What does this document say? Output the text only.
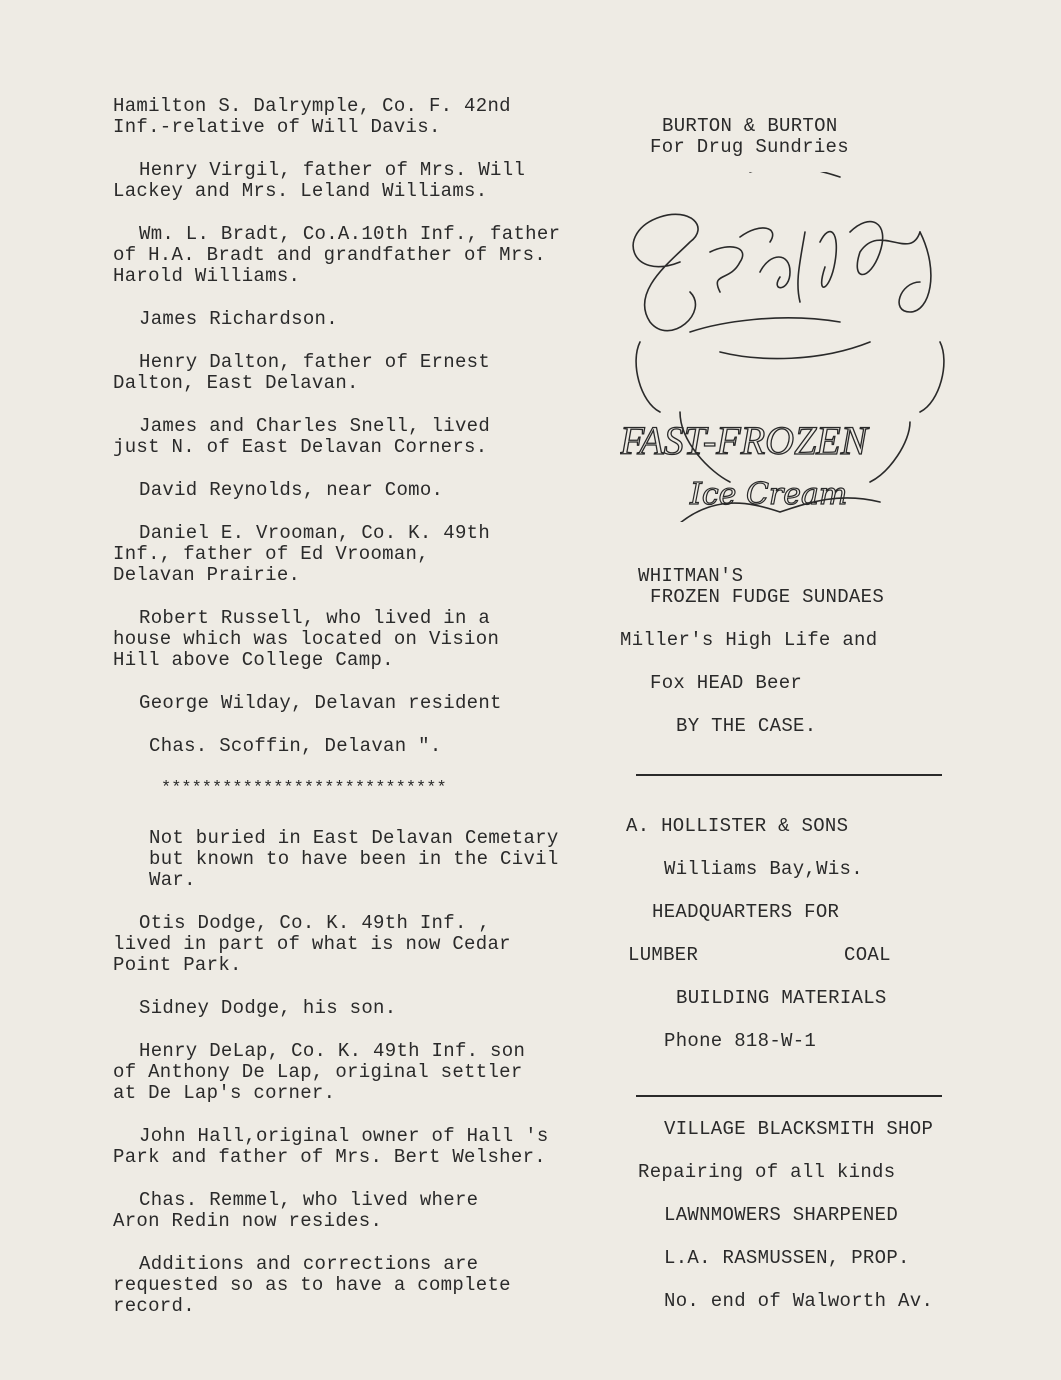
Hamilton S. Dalrymple, Co. F. 42nd Inf.-relative of Will Davis.
Henry Virgil, father of Mrs. Will Lackey and Mrs. Leland Williams.
Wm. L. Bradt, Co.A.10th Inf., father of H.A. Bradt and grandfather of Mrs. Harold Williams.
James Richardson.
Henry Dalton, father of Ernest Dalton, East Delavan.
James and Charles Snell, lived just N. of East Delavan Corners.
David Reynolds, near Como.
Daniel E. Vrooman, Co. K. 49th Inf., father of Ed Vrooman, Delavan Prairie.
Robert Russell, who lived in a house which was located on Vision Hill above College Camp.
George Wilday, Delavan resident
Chas. Scoffin, Delavan ".
****************************
Not buried in East Delavan Cemetary but known to have been in the Civil War.
Otis Dodge, Co. K. 49th Inf. , lived in part of what is now Cedar Point Park.
Sidney Dodge, his son.
Henry DeLap, Co. K. 49th Inf. son of Anthony De Lap, original settler at De Lap's corner.
John Hall,original owner of Hall 's Park and father of Mrs. Bert Welsher.
Chas. Remmel, who lived where Aron Redin now resides.
Additions and corrections are requested so as to have a complete record.
BURTON & BURTON
For Drug Sundries
FAST-FROZEN
Ice Cream
WHITMAN'S
FROZEN FUDGE SUNDAES
Miller's High Life and
Fox HEAD Beer
BY THE CASE.
A. HOLLISTER & SONS
Williams Bay,Wis.
HEADQUARTERS FOR
LUMBER	COAL
BUILDING MATERIALS
Phone 818-W-1
VILLAGE BLACKSMITH SHOP
Repairing of all kinds
LAWNMOWERS SHARPENED
L.A. RASMUSSEN, PROP.
No. end of Walworth Av.
